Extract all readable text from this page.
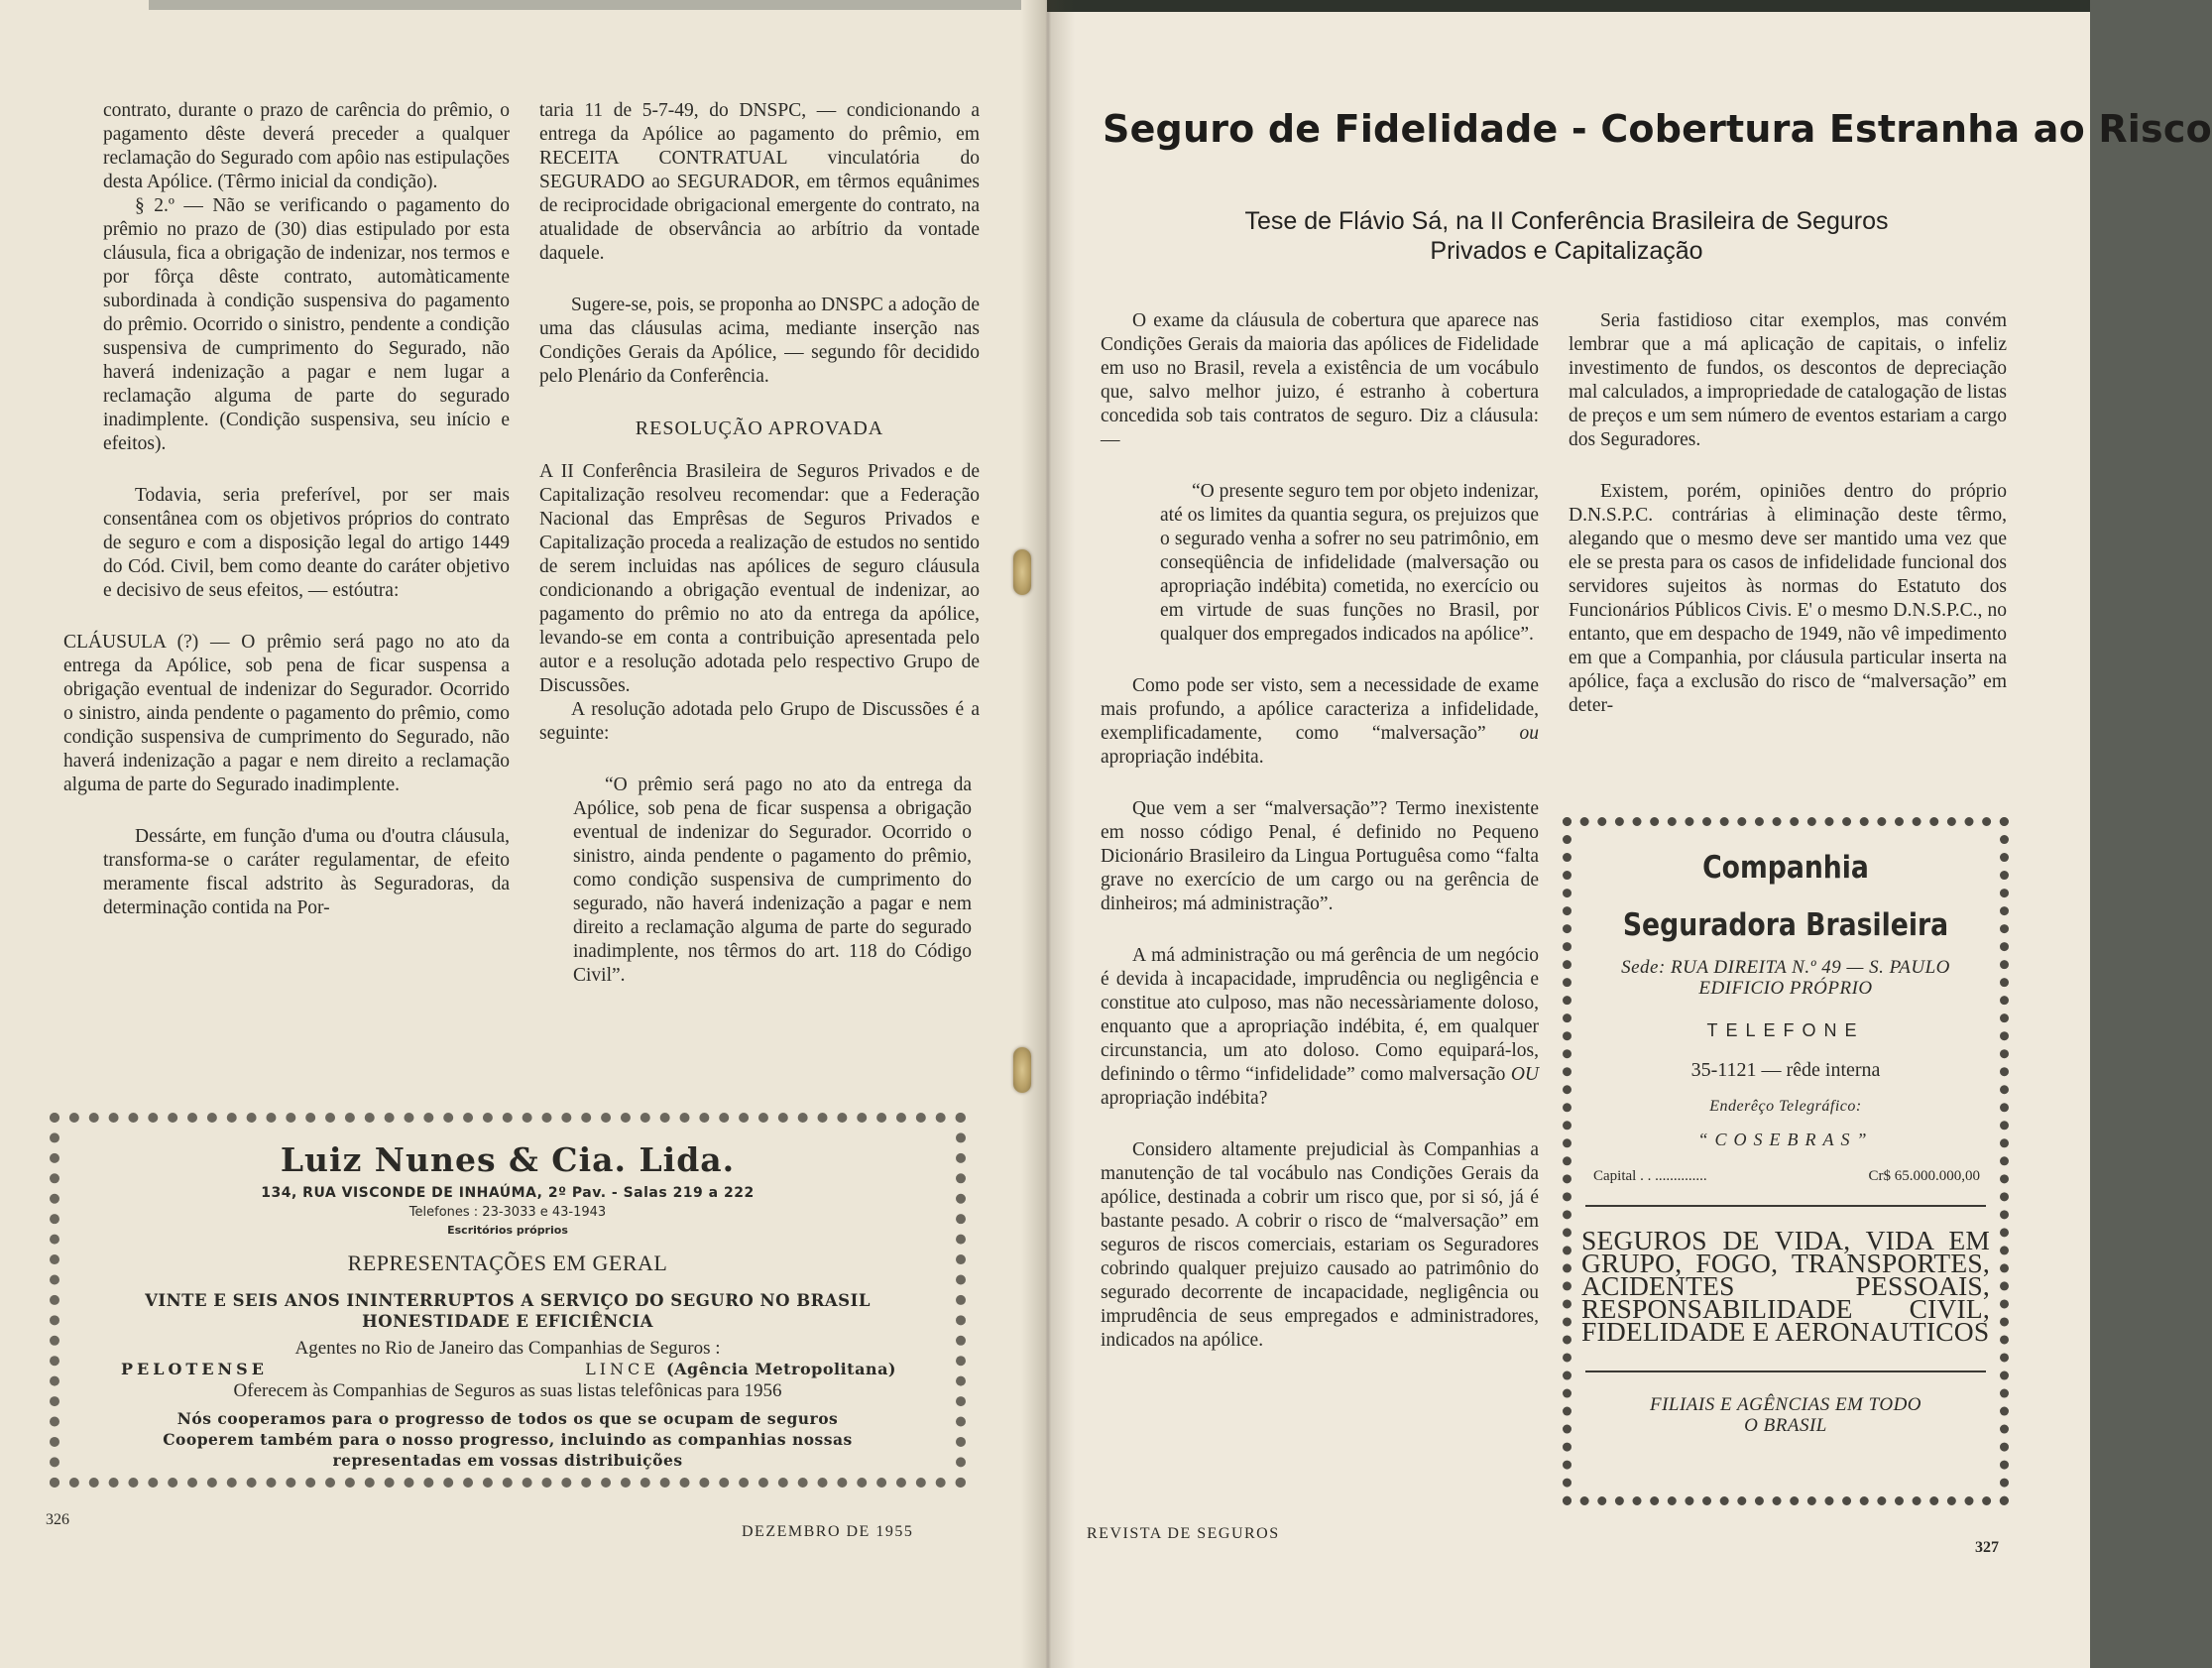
contrato, durante o prazo de carência do prêmio, o pagamento dêste deverá preceder a qualquer reclamação do Segurado com apôio nas estipulações desta Apólice. (Têrmo inicial da condição).

§ 2.º — Não se verificando o pagamento do prêmio no prazo de (30) dias estipulado por esta cláusula, fica a obrigação de indenizar, nos termos e por fôrça dêste contrato, automàticamente subordinada à condição suspensiva do pagamento do prêmio. Ocorrido o sinistro, pendente a condição suspensiva de cumprimento do Segurado, não haverá indenização a pagar e nem lugar a reclamação alguma de parte do segurado inadimplente. (Condição suspensiva, seu início e efeitos).

Todavia, seria preferível, por ser mais consentânea com os objetivos próprios do contrato de seguro e com a disposição legal do artigo 1449 do Cód. Civil, bem como deante do caráter objetivo e decisivo de seus efeitos, — estóutra:

CLÁUSULA (?) — O prêmio será pago no ato da entrega da Apólice, sob pena de ficar suspensa a obrigação eventual de indenizar do Segurador. Ocorrido o sinistro, ainda pendente o pagamento do prêmio, como condição suspensiva de cumprimento do Segurado, não haverá indenização a pagar e nem direito a reclamação alguma de parte do Segurado inadimplente.

Dessárte, em função d'uma ou d'outra cláusula, transforma-se o caráter regulamentar, de efeito meramente fiscal adstrito às Seguradoras, da determinação contida na Por-

taria 11 de 5-7-49, do DNSPC, — condicionando a entrega da Apólice ao pagamento do prêmio, em RECEITA CONTRATUAL vinculatória do SEGURADO ao SEGURADOR, em têrmos equânimes de reciprocidade obrigacional emergente do contrato, na atualidade de observância ao arbítrio da vontade daquele.

Sugere-se, pois, se proponha ao DNSPC a adoção de uma das cláusulas acima, mediante inserção nas Condições Gerais da Apólice, — segundo fôr decidido pelo Plenário da Conferência.

RESOLUÇÃO APROVADA

A II Conferência Brasileira de Seguros Privados e de Capitalização resolveu recomendar: que a Federação Nacional das Emprêsas de Seguros Privados e Capitalização proceda a realização de estudos no sentido de serem incluidas nas apólices de seguro cláusula condicionando a obrigação eventual de indenizar, ao pagamento do prêmio no ato da entrega da apólice, levando-se em conta a contribuição apresentada pelo autor e a resolução adotada pelo respectivo Grupo de Discussões.

A resolução adotada pelo Grupo de Discussões é a seguinte:

“O prêmio será pago no ato da entrega da Apólice, sob pena de ficar suspensa a obrigação eventual de indenizar do Segurador. Ocorrido o sinistro, ainda pendente o pagamento do prêmio, como condição suspensiva de cumprimento do segurado, não haverá indenização a pagar e nem direito a reclamação alguma de parte do segurado inadimplente, nos têrmos do art. 118 do Código Civil”.

Luiz Nunes & Cia. Lida.
134, RUA VISCONDE DE INHAÚMA, 2º Pav. - Salas 219 a 222
Telefones : 23-3033 e 43-1943
Escritórios próprios
REPRESENTAÇÕES EM GERAL
VINTE E SEIS ANOS ININTERRUPTOS A SERVIÇO DO SEGURO NO BRASIL
HONESTIDADE E EFICIÊNCIA
Agentes no Rio de Janeiro das Companhias de Seguros :
PELOTENSE	LINCE (Agência Metropolitana)
Oferecem às Companhias de Seguros as suas listas telefônicas para 1956
Nós cooperamos para o progresso de todos os que se ocupam de seguros
Cooperem também para o nosso progresso, incluindo as companhias nossas
representadas em vossas distribuições
326
DEZEMBRO DE 1955
Seguro de Fidelidade - Cobertura Estranha ao Risco
Tese de Flávio Sá, na II Conferência Brasileira de Seguros
Privados e Capitalização

O exame da cláusula de cobertura que aparece nas Condições Gerais da maioria das apólices de Fidelidade em uso no Brasil, revela a existência de um vocábulo que, salvo melhor juizo, é estranho à cobertura concedida sob tais contratos de seguro. Diz a cláusula: —

“O presente seguro tem por objeto indenizar, até os limites da quantia segura, os prejuizos que o segurado venha a sofrer no seu patrimônio, em conseqüência de infidelidade (malversação ou apropriação indébita) cometida, no exercício ou em virtude de suas funções no Brasil, por qualquer dos empregados indicados na apólice”.

Como pode ser visto, sem a necessidade de exame mais profundo, a apólice caracteriza a infidelidade, exemplificadamente, como “malversação” ou apropriação indébita.

Que vem a ser “malversação”? Termo inexistente em nosso código Penal, é definido no Pequeno Dicionário Brasileiro da Lingua Portuguêsa como “falta grave no exercício de um cargo ou na gerência de dinheiros; má administração”.

A má administração ou má gerência de um negócio é devida à incapacidade, imprudência ou negligência e constitue ato culposo, mas não necessàriamente doloso, enquanto que a apropriação indébita, é, em qualquer circunstancia, um ato doloso. Como equipará-los, definindo o têrmo “infidelidade” como malversação OU apropriação indébita?

Considero altamente prejudicial às Companhias a manutenção de tal vocábulo nas Condições Gerais da apólice, destinada a cobrir um risco que, por si só, já é bastante pesado. A cobrir o risco de “malversação” em seguros de riscos comerciais, estariam os Seguradores cobrindo qualquer prejuizo causado ao patrimônio do segurado decorrente de incapacidade, negligência ou imprudência de seus empregados e administradores, indicados na apólice.

Seria fastidioso citar exemplos, mas convém lembrar que a má aplicação de capitais, o infeliz investimento de fundos, os descontos de depreciação mal calculados, a impropriedade de catalogação de listas de preços e um sem número de eventos estariam a cargo dos Seguradores.

Existem, porém, opiniões dentro do próprio D.N.S.P.C. contrárias à eliminação deste têrmo, alegando que o mesmo deve ser mantido uma vez que ele se presta para os casos de infidelidade funcional dos servidores sujeitos às normas do Estatuto dos Funcionários Públicos Civis. E' o mesmo D.N.S.P.C., no entanto, que em despacho de 1949, não vê impedimento em que a Companhia, por cláusula particular inserta na apólice, faça a exclusão do risco de “malversação” em deter-

Companhia
Seguradora Brasileira
Sede: RUA DIREITA N.º 49 — S. PAULO
EDIFICIO PRÓPRIO
TELEFONE
35-1121 — rêde interna
Enderêço Telegráfico:
“COSEBRAS”
Capital . . ..............	Cr$ 65.000.000,00
SEGUROS DE VIDA, VIDA EM GRUPO, FOGO, TRANSPORTES, ACIDENTES PESSOAIS, RESPONSABILIDADE CIVIL, FIDELIDADE E AERONAUTICOS
FILIAIS E AGÊNCIAS EM TODO
O BRASIL
REVISTA DE SEGUROS
327
